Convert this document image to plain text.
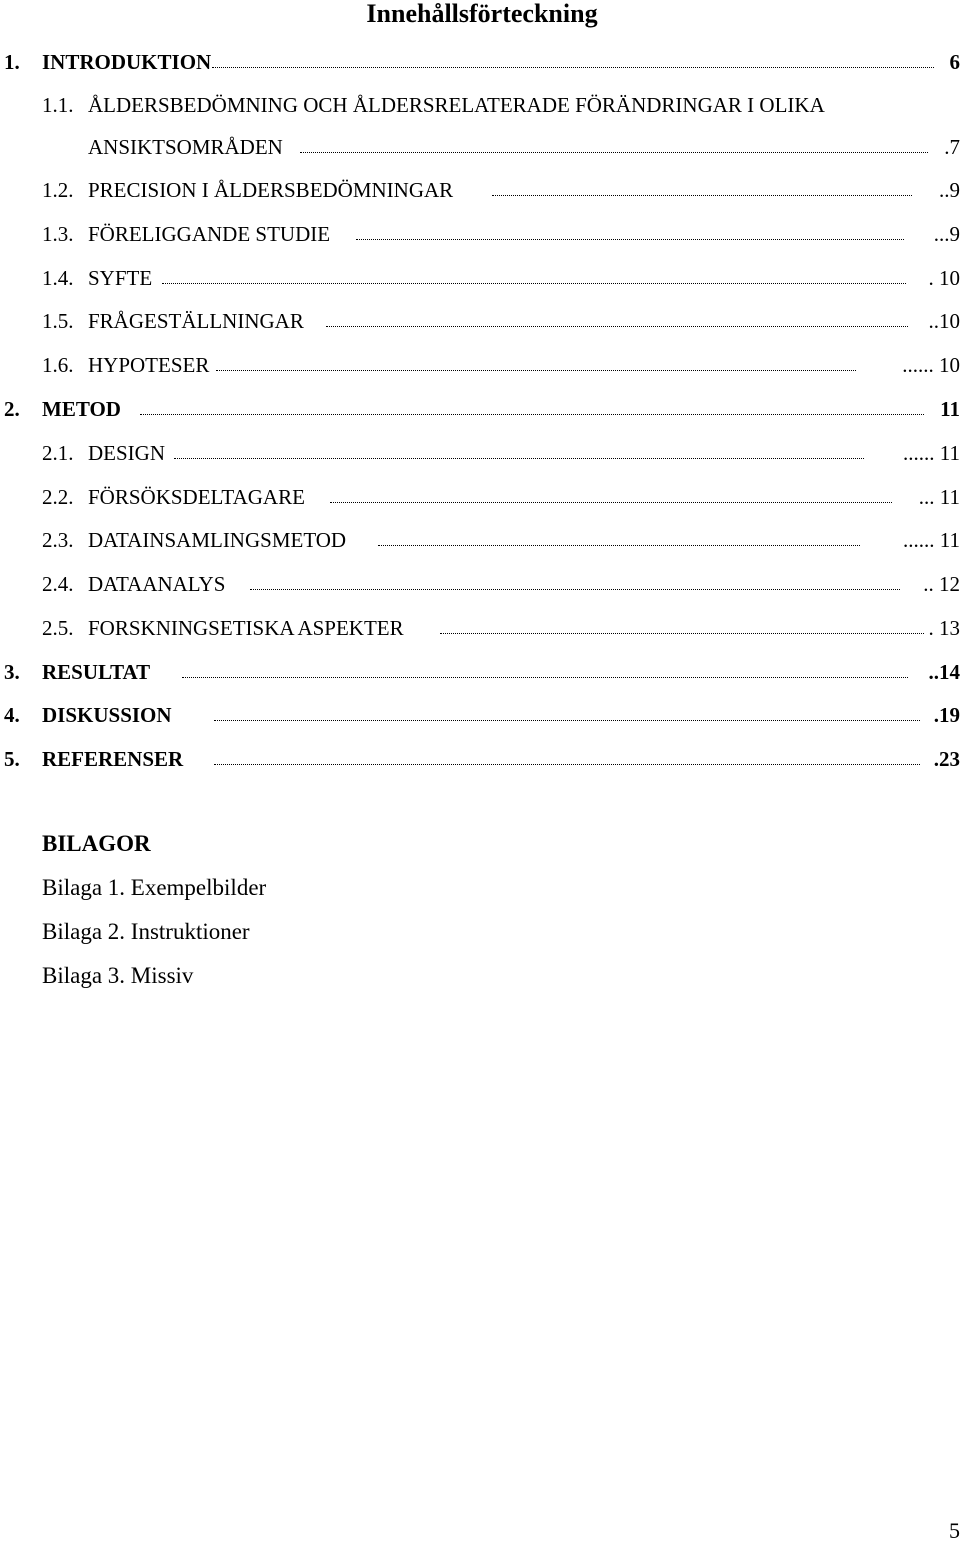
Innehållsförteckning
1. INTRODUKTION	6
1.1. ÅLDERSBEDÖMNING OCH ÅLDERSRELATERADE FÖRÄNDRINGAR I OLIKA
ANSIKTSOMRÅDEN	.7
1.2. PRECISION I ÅLDERSBEDÖMNINGAR	..9
1.3. FÖRELIGGANDE STUDIE	...9
1.4. SYFTE	. 10
1.5. FRÅGESTÄLLNINGAR	..10
1.6. HYPOTESER	...... 10
2. METOD	11
2.1. DESIGN	...... 11
2.2. FÖRSÖKSDELTAGARE	... 11
2.3. DATAINSAMLINGSMETOD	...... 11
2.4. DATAANALYS	.. 12
2.5. FORSKNINGSETISKA ASPEKTER	. 13
3. RESULTAT	..14
4. DISKUSSION	.19
5. REFERENSER	.23
BILAGOR
Bilaga 1. Exempelbilder
Bilaga 2. Instruktioner
Bilaga 3. Missiv
5
